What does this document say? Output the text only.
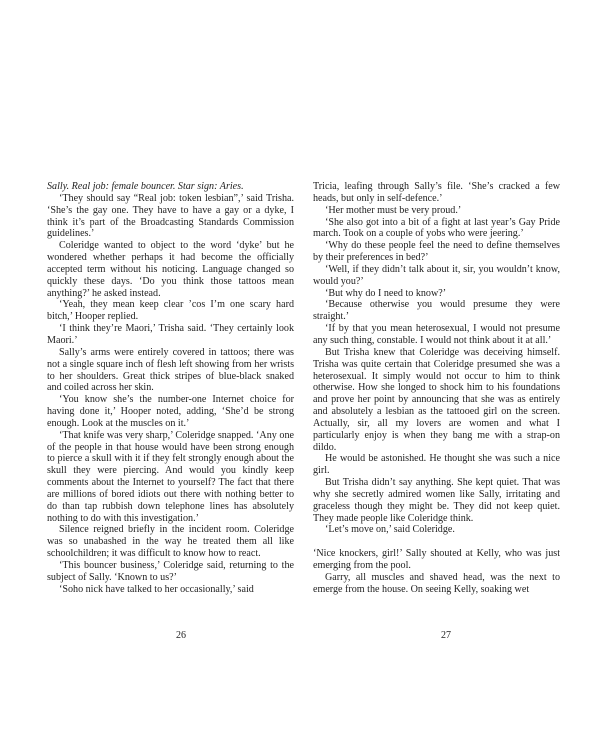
Sally. Real job: female bouncer. Star sign: Aries.

‘They should say “Real job: token lesbian”,’ said Trisha. ‘She’s the gay one. They have to have a gay or a dyke, I think it’s part of the Broadcasting Standards Commission guidelines.’

Coleridge wanted to object to the word ‘dyke’ but he wondered whether perhaps it had become the officially accepted term without his noticing. Language changed so quickly these days. ‘Do you think those tattoos mean anything?’ he asked instead.

‘Yeah, they mean keep clear ’cos I’m one scary hard bitch,’ Hooper replied.

‘I think they’re Maori,’ Trisha said. ‘They certainly look Maori.’

Sally’s arms were entirely covered in tattoos; there was not a single square inch of flesh left showing from her wrists to her shoulders. Great thick stripes of blue-black snaked and coiled across her skin.

‘You know she’s the number-one Internet choice for having done it,’ Hooper noted, adding, ‘She’d be strong enough. Look at the muscles on it.’

‘That knife was very sharp,’ Coleridge snapped. ‘Any one of the people in that house would have been strong enough to pierce a skull with it if they felt strongly enough about the skull they were piercing. And would you kindly keep comments about the Internet to yourself? The fact that there are millions of bored idiots out there with nothing better to do than tap rubbish down telephone lines has absolutely nothing to do with this investigation.’

Silence reigned briefly in the incident room. Coleridge was so unabashed in the way he treated them all like schoolchildren; it was difficult to know how to react.

‘This bouncer business,’ Coleridge said, returning to the subject of Sally. ‘Known to us?’

‘Soho nick have talked to her occasionally,’ said

26

Tricia, leafing through Sally’s file. ‘She’s cracked a few heads, but only in self-defence.’

‘Her mother must be very proud.’

‘She also got into a bit of a fight at last year’s Gay Pride march. Took on a couple of yobs who were jeering.’

‘Why do these people feel the need to define themselves by their preferences in bed?’

‘Well, if they didn’t talk about it, sir, you wouldn’t know, would you?’

‘But why do I need to know?’

‘Because otherwise you would presume they were straight.’

‘If by that you mean heterosexual, I would not presume any such thing, constable. I would not think about it at all.’

But Trisha knew that Coleridge was deceiving himself. Trisha was quite certain that Coleridge presumed she was a heterosexual. It simply would not occur to him to think otherwise. How she longed to shock him to his foundations and prove her point by announcing that she was as entirely and absolutely a lesbian as the tattooed girl on the screen. Actually, sir, all my lovers are women and what I particularly enjoy is when they bang me with a strap-on dildo.

He would be astonished. He thought she was such a nice girl.

But Trisha didn’t say anything. She kept quiet. That was why she secretly admired women like Sally, irritating and graceless though they might be. They did not keep quiet. They made people like Coleridge think.

‘Let’s move on,’ said Coleridge.

‘Nice knockers, girl!’ Sally shouted at Kelly, who was just emerging from the pool.

Garry, all muscles and shaved head, was the next to emerge from the house. On seeing Kelly, soaking wet

27
